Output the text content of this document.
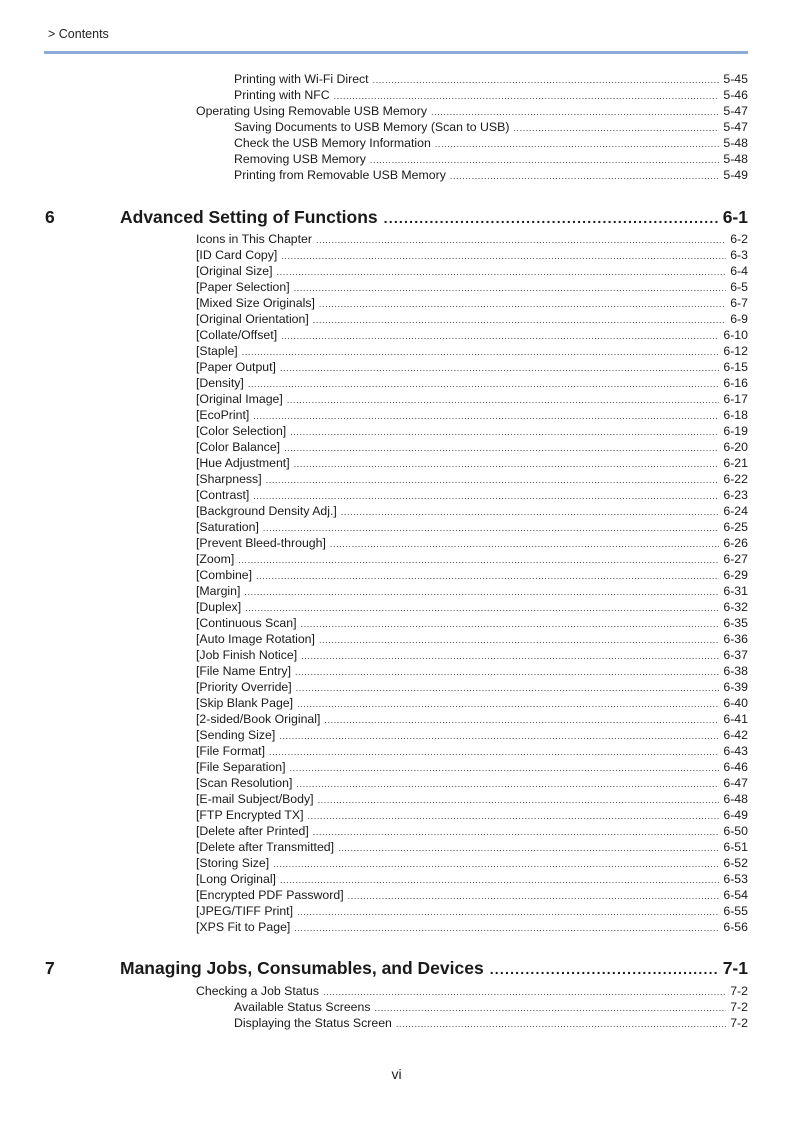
> Contents
Printing with Wi-Fi Direct .....	5-45
Printing with NFC .....	5-46
Operating Using Removable USB Memory .....	5-47
Saving Documents to USB Memory (Scan to USB) .....	5-47
Check the USB Memory Information .....	5-48
Removing USB Memory .....	5-48
Printing from Removable USB Memory .....	5-49
6	Advanced Setting of Functions .....	6-1
Icons in This Chapter .....	6-2
[ID Card Copy] .....	6-3
[Original Size] .....	6-4
[Paper Selection] .....	6-5
[Mixed Size Originals] .....	6-7
[Original Orientation] .....	6-9
[Collate/Offset] .....	6-10
[Staple] .....	6-12
[Paper Output] .....	6-15
[Density] .....	6-16
[Original Image] .....	6-17
[EcoPrint] .....	6-18
[Color Selection] .....	6-19
[Color Balance] .....	6-20
[Hue Adjustment] .....	6-21
[Sharpness] .....	6-22
[Contrast] .....	6-23
[Background Density Adj.] .....	6-24
[Saturation] .....	6-25
[Prevent Bleed-through] .....	6-26
[Zoom] .....	6-27
[Combine] .....	6-29
[Margin] .....	6-31
[Duplex] .....	6-32
[Continuous Scan] .....	6-35
[Auto Image Rotation] .....	6-36
[Job Finish Notice] .....	6-37
[File Name Entry] .....	6-38
[Priority Override] .....	6-39
[Skip Blank Page] .....	6-40
[2-sided/Book Original] .....	6-41
[Sending Size] .....	6-42
[File Format] .....	6-43
[File Separation] .....	6-46
[Scan Resolution] .....	6-47
[E-mail Subject/Body] .....	6-48
[FTP Encrypted TX] .....	6-49
[Delete after Printed] .....	6-50
[Delete after Transmitted] .....	6-51
[Storing Size] .....	6-52
[Long Original] .....	6-53
[Encrypted PDF Password] .....	6-54
[JPEG/TIFF Print] .....	6-55
[XPS Fit to Page] .....	6-56
7	Managing Jobs, Consumables, and Devices .....	7-1
Checking a Job Status .....	7-2
Available Status Screens .....	7-2
Displaying the Status Screen .....	7-2
vi
